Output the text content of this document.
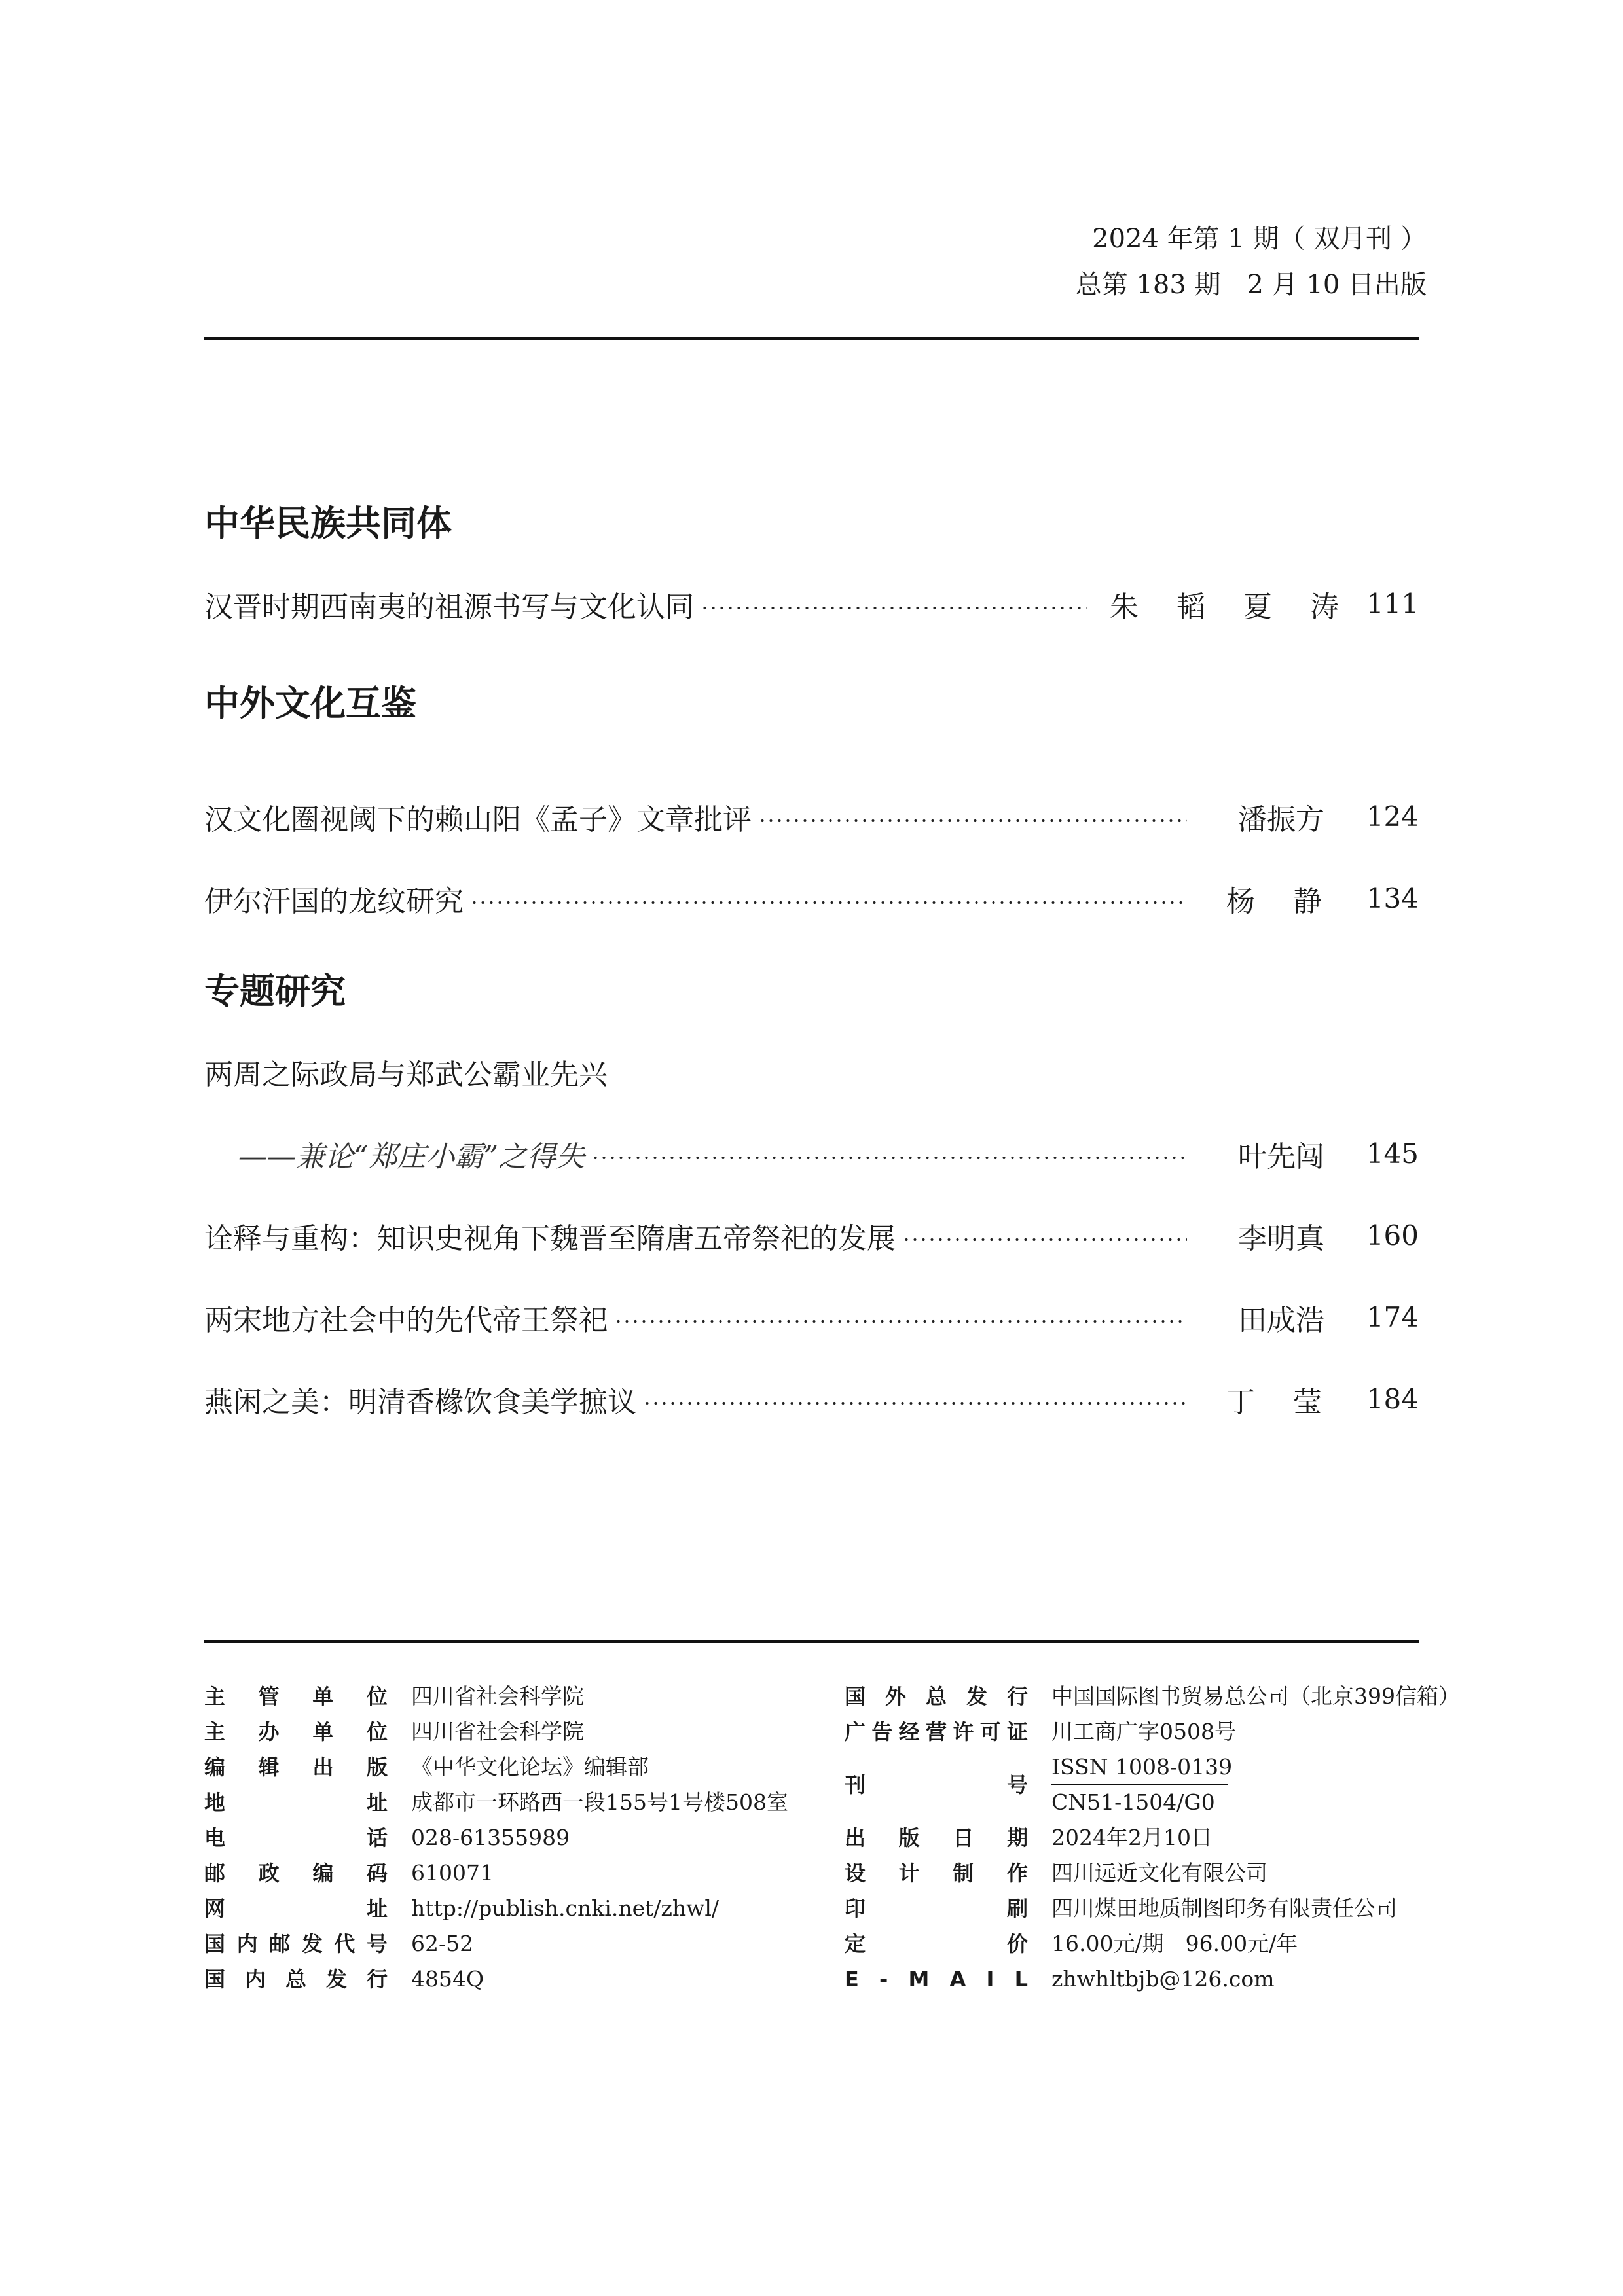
2024 年第 1 期（ 双月刊 ）
总第 183 期　2 月 10 日出版
中华民族共同体
汉晋时期西南夷的祖源书写与文化认同	朱 韬 夏 涛 111
中外文化互鉴
汉文化圈视阈下的赖山阳《孟子》文章批评	潘振方	124
伊尔汗国的龙纹研究	杨 静	134
专题研究
两周之际政局与郑武公霸业先兴
——兼论“郑庄小霸”之得失	叶先闯	145
诠释与重构：知识史视角下魏晋至隋唐五帝祭祀的发展	李明真	160
两宋地方社会中的先代帝王祭祀	田成浩	174
燕闲之美：明清香橼饮食美学摭议	丁 莹	184
主 管 单 位 四川省社会科学院
主 办 单 位 四川省社会科学院
编 辑 出 版 《中华文化论坛》编辑部
地	址 成都市一环路西一段155号1号楼508室
电	话 028-61355989
邮 政 编 码 610071
网	址 http://publish.cnki.net/zhwl/
国 内 邮 发 代 号 62-52
国 内 总 发 行 4854Q
国 外 总 发 行 中国国际图书贸易总公司（北京399信箱）
广 告 经 营 许 可 证 川工商广字0508号
刊	号
ISSN 1008-0139
CN51-1504/G0
出 版 日 期 2024年2月10日
设 计 制 作 四川远近文化有限公司
印	刷 四川煤田地质制图印务有限责任公司
定	价 16.00元/期　96.00元/年
E - M A I L zhwhltbjb@126.com
